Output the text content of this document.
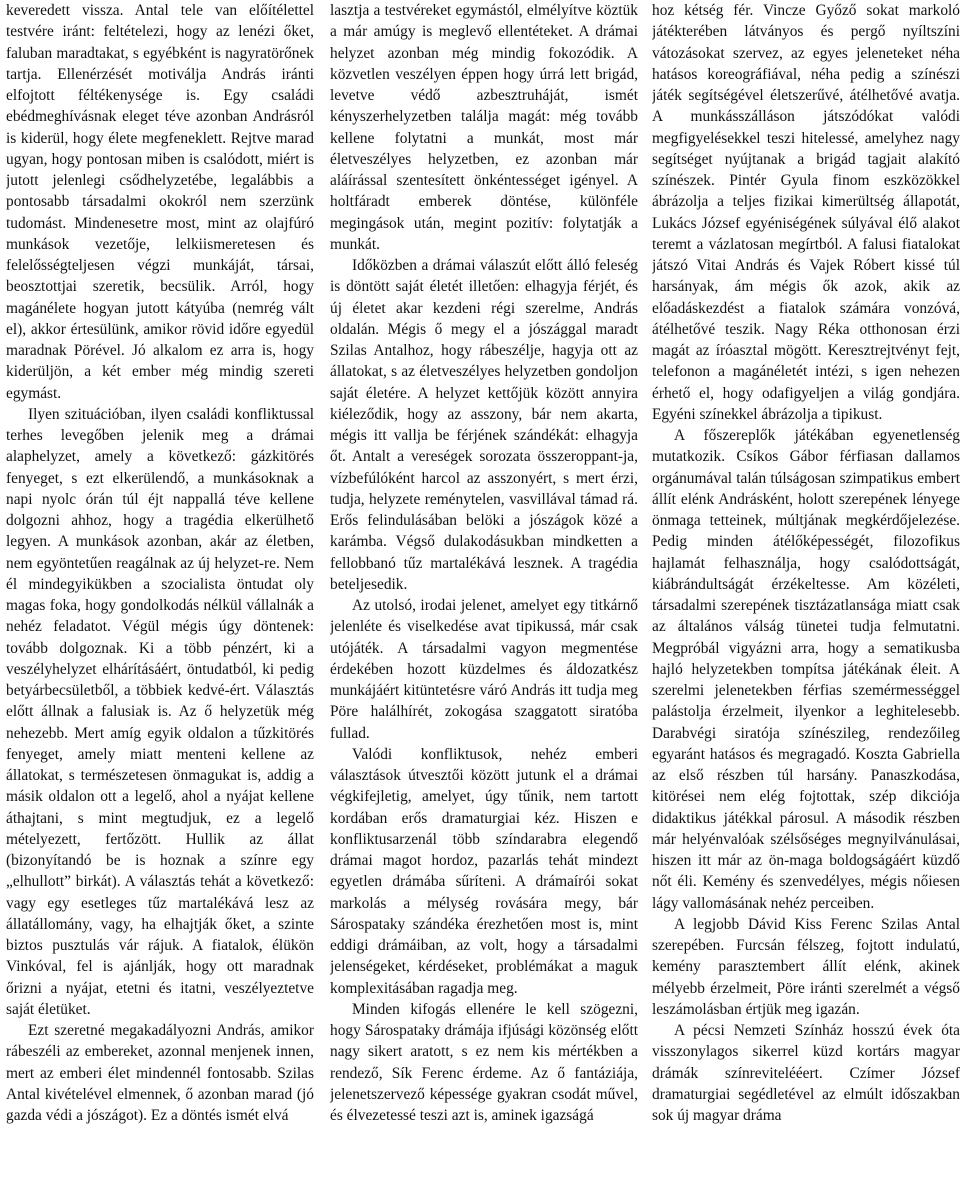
keveredett vissza. Antal tele van előítélettel testvére iránt: feltételezi, hogy az lenézi őket, faluban maradtakat, s egyébként is nagyratörőnek tartja. Ellenérzését motiválja András iránti elfojtott féltékenysége is. Egy családi ebédmeghívásnak eleget téve azonban Andrásról is kiderül, hogy élete megfeneklett. Rejtve marad ugyan, hogy pontosan miben is csalódott, miért is jutott jelenlegi csődhelyzetébe, legalábbis a pontosabb társadalmi okokról nem szerzünk tudomást. Mindenesetre most, mint az olajfúró munkások vezetője, lelkiismeretesen és felelősségteljesen végzi munkáját, társai, beosztottjai szeretik, becsülik. Arról, hogy magánélete hogyan jutott kátyúba (nemrég vált el), akkor értesülünk, amikor rövid időre egyedül maradnak Pörével. Jó alkalom ez arra is, hogy kiderüljön, a két ember még mindig szereti egymást.

Ilyen szituációban, ilyen családi konfliktussal terhes levegőben jelenik meg a drámai alaphelyzet, amely a következő: gázkitörés fenyeget, s ezt elkerülendő, a munkásoknak a napi nyolc órán túl éjt nappallá téve kellene dolgozni ahhoz, hogy a tragédia elkerülhető legyen. A munkások azonban, akár az életben, nem egyöntetűen reagálnak az új helyzet-re. Nem él mindegyikükben a szocialista öntudat oly magas foka, hogy gondolkodás nélkül vállalnák a nehéz feladatot. Végül mégis úgy döntenek: tovább dolgoznak. Ki a több pénzért, ki a veszélyhelyzet elhárításáért, öntudatból, ki pedig betyárbecsületből, a többiek kedvé-ért. Választás előtt állnak a falusiak is. Az ő helyzetük még nehezebb. Mert amíg egyik oldalon a tűzkitörés fenyeget, amely miatt menteni kellene az állatokat, s természetesen önmagukat is, addig a másik oldalon ott a legelő, ahol a nyájat kellene áthajtani, s mint megtudjuk, ez a legelő mételyezett, fertőzött. Hullik az állat (bizonyítandó be is hoznak a színre egy „elhullott” birkát). A választás tehát a következő: vagy egy esetleges tűz martalékává lesz az állatállomány, vagy, ha elhajtják őket, a szinte biztos pusztulás vár rájuk. A fiatalok, élükön Vinkóval, fel is ajánlják, hogy ott maradnak őrizni a nyájat, etetni és itatni, veszélyeztetve saját életüket.

Ezt szeretné megakadályozni András, amikor rábeszéli az embereket, azonnal menjenek innen, mert az emberi élet mindennél fontosabb. Szilas Antal kivételével elmennek, ő azonban marad (jó gazda védi a jószágot). Ez a döntés ismét elvá

lasztja a testvéreket egymástól, elmélyítve köztük a már amúgy is meglevő ellentéteket. A drámai helyzet azonban még mindig fokozódik. A közvetlen veszélyen éppen hogy úrrá lett brigád, levetve védő azbesztruháját, ismét kényszerhelyzetben találja magát: még tovább kellene folytatni a munkát, most már életveszélyes helyzetben, ez azonban már aláírással szentesített önkéntességet igényel. A holtfáradt emberek döntése, különféle megingások után, megint pozitív: folytatják a munkát.

Időközben a drámai válaszút előtt álló feleség is döntött saját életét illetően: elhagyja férjét, és új életet akar kezdeni régi szerelme, András oldalán. Mégis ő megy el a jószággal maradt Szilas Antalhoz, hogy rábeszélje, hagyja ott az állatokat, s az életveszélyes helyzetben gondoljon saját életére. A helyzet kettőjük között annyira kiéleződik, hogy az asszony, bár nem akarta, mégis itt vallja be férjének szándékát: elhagyja őt. Antalt a vereségek sorozata összeroppant-ja, vízbefúlóként harcol az asszonyért, s mert érzi, tudja, helyzete reménytelen, vasvillával támad rá. Erős felindulásában belöki a jószágok közé a karámba. Végső dulakodásukban mindketten a fellobbanó tűz martalékává lesznek. A tragédia beteljesedik.

Az utolsó, irodai jelenet, amelyet egy titkárnő jelenléte és viselkedése avat tipikussá, már csak utójáték. A társadalmi vagyon megmentése érdekében hozott küzdelmes és áldozatkész munkájáért kitüntetésre váró András itt tudja meg Pöre halálhírét, zokogása szaggatott siratóba fullad.

Valódi konfliktusok, nehéz emberi választások útvesztői között jutunk el a drámai végkifejletig, amelyet, úgy tűnik, nem tartott kordában erős dramaturgiai kéz. Hiszen e konfliktusarzenál több színdarabra elegendő drámai magot hordoz, pazarlás tehát mindezt egyetlen drámába sűríteni. A drámaírói sokat markolás a mélység rovására megy, bár Sárospataky szándéka érezhetően most is, mint eddigi drámáiban, az volt, hogy a társadalmi jelenségeket, kérdéseket, problémákat a maguk komplexitásában ragadja meg.

Minden kifogás ellenére le kell szögezni, hogy Sárospataky drámája ifjúsági közönség előtt nagy sikert aratott, s ez nem kis mértékben a rendező, Sík Ferenc érdeme. Az ő fantáziája, jelenetszervező képessége gyakran csodát művel, és élvezetessé teszi azt is, aminek igazságá

hoz kétség fér. Vincze Győző sokat markoló játékterében látványos és pergő nyíltszíni vátozásokat szervez, az egyes jeleneteket néha hatásos koreográfiával, néha pedig a színészi játék segítségével életszerűvé, átélhetővé avatja. A munkásszálláson játszódókat valódi megfigyelésekkel teszi hitelessé, amelyhez nagy segítséget nyújtanak a brigád tagjait alakító színészek. Pintér Gyula finom eszközökkel ábrázolja a teljes fizikai kimerültség állapotát, Lukács József egyéniségének súlyával élő alakot teremt a vázlatosan megírtból. A falusi fiatalokat játszó Vitai András és Vajek Róbert kissé túl harsányak, ám mégis ők azok, akik az előadáskezdést a fiatalok számára vonzóvá, átélhetővé teszik. Nagy Réka otthonosan érzi magát az íróasztal mögött. Keresztrejtvényt fejt, telefonon a magánéletét intézi, s igen nehezen érhető el, hogy odafigyeljen a világ gondjára. Egyéni színekkel ábrázolja a tipikust.

A főszereplők játékában egyenetlenség mutatkozik. Csíkos Gábor férfiasan dallamos orgánumával talán túlságosan szimpatikus embert állít elénk Andrásként, holott szerepének lényege önmaga tetteinek, múltjának megkérdőjelezése. Pedig minden átélőképességét, filozofikus hajlamát felhasználja, hogy csalódottságát, kiábrándultságát érzékeltesse. Am közéleti, társadalmi szerepének tisztázatlansága miatt csak az általános válság tünetei tudja felmutatni. Megpróbál vigyázni arra, hogy a sematikusba hajló helyzetekben tompítsa játékának éleit. A szerelmi jelenetekben férfias szemérmességgel palástolja érzelmeit, ilyenkor a leghitelesebb. Darabvégi siratója színészileg, rendezőileg egyaránt hatásos és megragadó. Koszta Gabriella az első részben túl harsány. Panaszkodása, kitörései nem elég fojtottak, szép dikciója didaktikus játékkal párosul. A második részben már helyénvalóak szélsőséges megnyilvánulásai, hiszen itt már az ön-maga boldogságáért küzdő nőt éli. Kemény és szenvedélyes, mégis nőiesen lágy vallomásának nehéz perceiben.

A legjobb Dávid Kiss Ferenc Szilas Antal szerepében. Furcsán félszeg, fojtott indulatú, kemény parasztembert állít elénk, akinek mélyebb érzelmeit, Pöre iránti szerelmét a végső leszámolásban értjük meg igazán.

A pécsi Nemzeti Színház hosszú évek óta visszonylagos sikerrel küzd kortárs magyar drámák színrevitelééert. Czímer József dramaturgiai segédletével az elmúlt időszakban sok új magyar dráma
